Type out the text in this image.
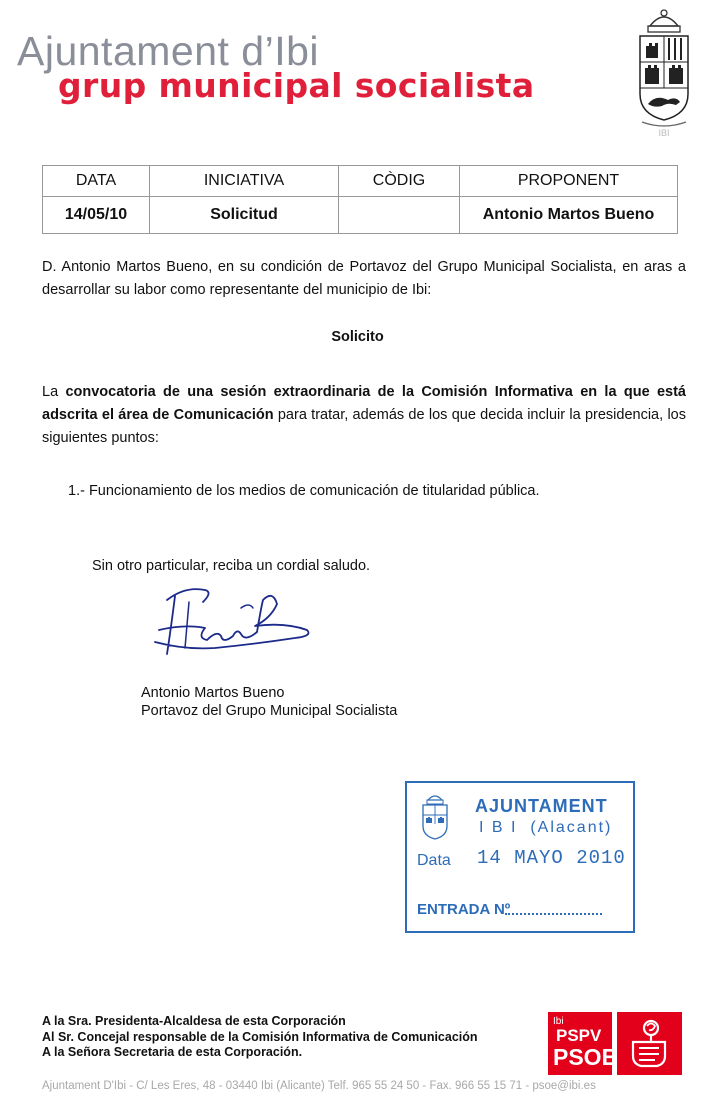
Ajuntament d’Ibi
grup municipal socialista
IBI
DATA	INICIATIVA	CÒDIG	PROPONENT
14/05/10	Solicitud		Antonio Martos Bueno
D. Antonio Martos Bueno, en su condición de Portavoz del Grupo Municipal Socialista, en aras a desarrollar su labor como representante del municipio de Ibi:
Solicito
La convocatoria de una sesión extraordinaria de la Comisión Informativa en la que está adscrita el área de Comunicación para tratar, además de los que decida incluir la presidencia, los siguientes puntos:
1.- Funcionamiento de los medios de comunicación de titularidad pública.
Sin otro particular, reciba un cordial saludo.
Antonio Martos Bueno
Portavoz del Grupo Municipal Socialista
AJUNTAMENT
I B I  (Alacant)
Data 14 MAYO 2010
ENTRADA Nº
A la Sra. Presidenta-Alcaldesa de esta Corporación
Al Sr. Concejal responsable de la Comisión Informativa de Comunicación
A la Señora Secretaria de esta Corporación.
Ibi
PSPV
PSOE
Ajuntament D'Ibi - C/ Les Eres, 48 - 03440 Ibi (Alicante) Telf. 965 55 24 50 - Fax. 966 55 15 71 - psoe@ibi.es
